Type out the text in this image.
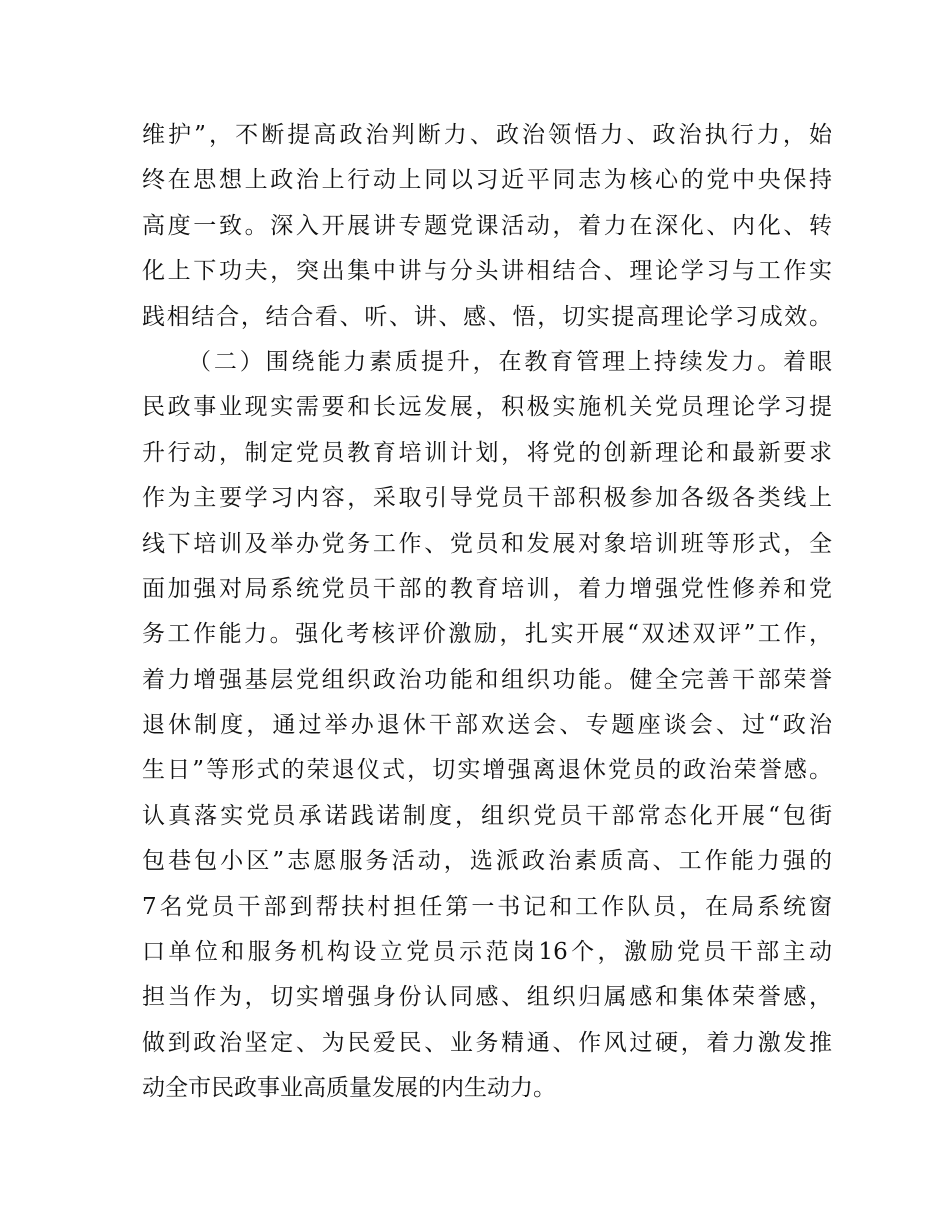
维护”，不断提高政治判断力、政治领悟力、政治执行力，始
终在思想上政治上行动上同以习近平同志为核心的党中央保持
高度一致。深入开展讲专题党课活动，着力在深化、内化、转
化上下功夫，突出集中讲与分头讲相结合、理论学习与工作实
践相结合，结合看、听、讲、感、悟，切实提高理论学习成效。
（二）围绕能力素质提升，在教育管理上持续发力。着眼
民政事业现实需要和长远发展，积极实施机关党员理论学习提
升行动，制定党员教育培训计划，将党的创新理论和最新要求
作为主要学习内容，采取引导党员干部积极参加各级各类线上
线下培训及举办党务工作、党员和发展对象培训班等形式，全
面加强对局系统党员干部的教育培训，着力增强党性修养和党
务工作能力。强化考核评价激励，扎实开展“双述双评”工作，
着力增强基层党组织政治功能和组织功能。健全完善干部荣誉
退休制度，通过举办退休干部欢送会、专题座谈会、过“政治
生日”等形式的荣退仪式，切实增强离退休党员的政治荣誉感。
认真落实党员承诺践诺制度，组织党员干部常态化开展“包街
包巷包小区”志愿服务活动，选派政治素质高、工作能力强的
7名党员干部到帮扶村担任第一书记和工作队员，在局系统窗
口单位和服务机构设立党员示范岗16个，激励党员干部主动
担当作为，切实增强身份认同感、组织归属感和集体荣誉感，
做到政治坚定、为民爱民、业务精通、作风过硬，着力激发推
动全市民政事业高质量发展的内生动力。
